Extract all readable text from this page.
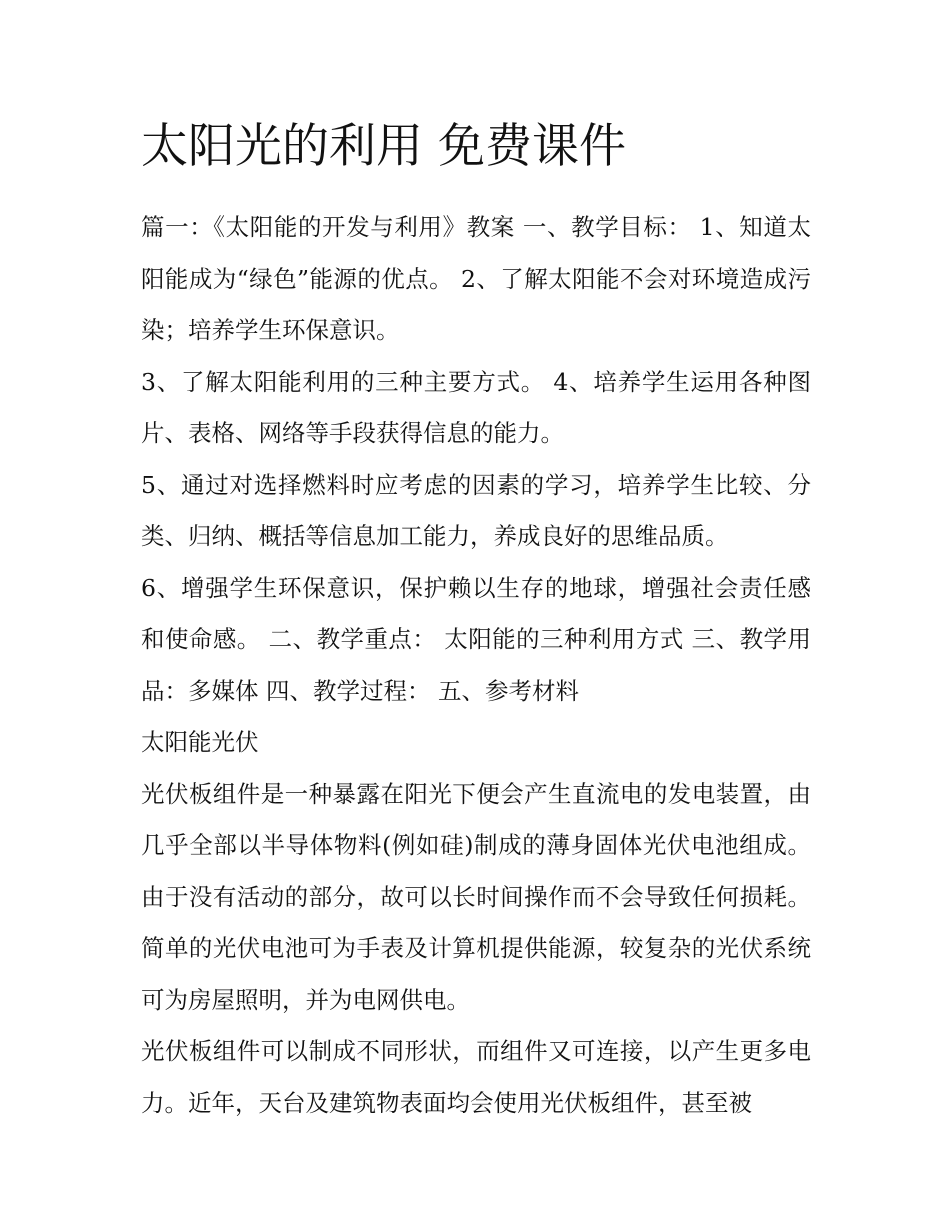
太阳光的利用 免费课件

篇一：《太阳能的开发与利用》教案 一、教学目标： 1、知道太阳能成为“绿色”能源的优点。 2、了解太阳能不会对环境造成污染；培养学生环保意识。

3、了解太阳能利用的三种主要方式。 4、培养学生运用各种图片、表格、网络等手段获得信息的能力。

5、通过对选择燃料时应考虑的因素的学习，培养学生比较、分类、归纳、概括等信息加工能力，养成良好的思维品质。

6、增强学生环保意识，保护赖以生存的地球，增强社会责任感和使命感。 二、教学重点： 太阳能的三种利用方式 三、教学用品：多媒体 四、教学过程： 五、参考材料

太阳能光伏

光伏板组件是一种暴露在阳光下便会产生直流电的发电装置，由几乎全部以半导体物料(例如硅)制成的薄身固体光伏电池组成。由于没有活动的部分，故可以长时间操作而不会导致任何损耗。简单的光伏电池可为手表及计算机提供能源，较复杂的光伏系统可为房屋照明，并为电网供电。

光伏板组件可以制成不同形状，而组件又可连接，以产生更多电力。近年，天台及建筑物表面均会使用光伏板组件，甚至被
